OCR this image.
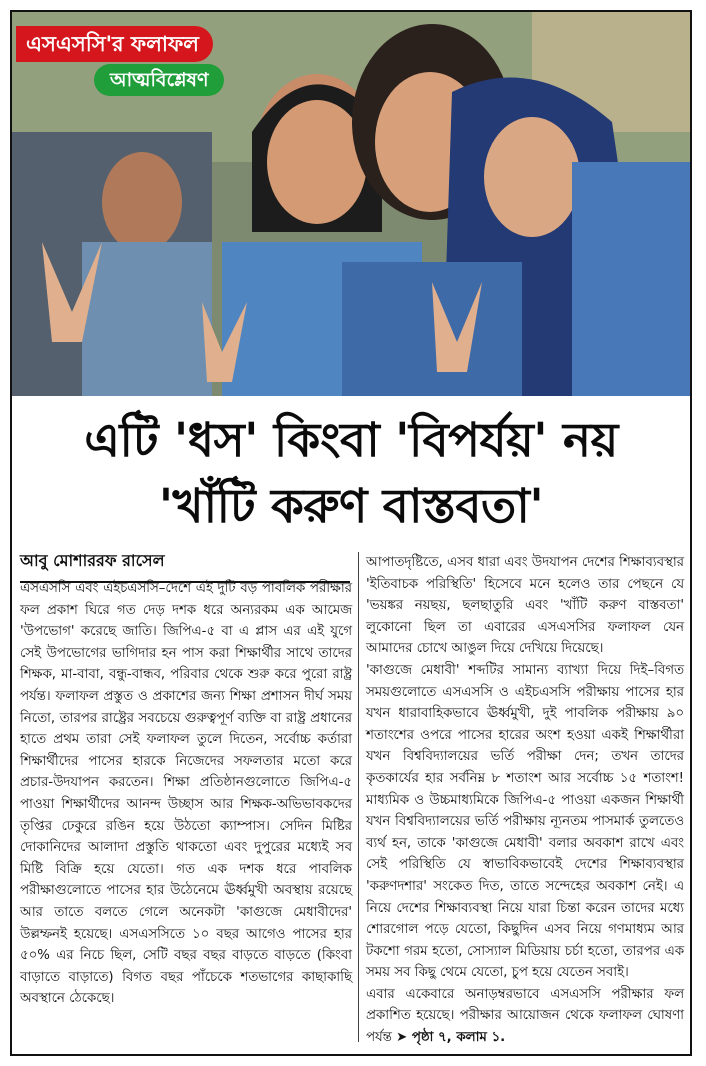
এসএসসি'র ফলাফল
আত্মবিশ্লেষণ
এটি 'ধস' কিংবা 'বিপর্যয়' নয়
'খাঁটি করুণ বাস্তবতা'
আবু মোশাররফ রাসেল

এসএসসি এবং এইচএসসি–দেশে এই দুটি বড় পাবলিক পরীক্ষার ফল প্রকাশ ঘিরে গত দেড় দশক ধরে অন্যরকম এক আমেজ 'উপভোগ' করেছে জাতি। জিপিএ-৫ বা এ প্লাস এর এই যুগে সেই উপভোগের ভাগিদার হন পাস করা শিক্ষার্থীর সাথে তাদের শিক্ষক, মা-বাবা, বন্ধু-বান্ধব, পরিবার থেকে শুরু করে পুরো রাষ্ট্র পর্যন্ত। ফলাফল প্রস্তুত ও প্রকাশের জন্য শিক্ষা প্রশাসন দীর্ঘ সময় নিতো, তারপর রাষ্ট্রের সবচেয়ে গুরুত্বপূর্ণ ব্যক্তি বা রাষ্ট্র প্রধানের হাতে প্রথম তারা সেই ফলাফল তুলে দিতেন, সর্বোচ্চ কর্তারা শিক্ষার্থীদের পাসের হারকে নিজেদের সফলতার মতো করে প্রচার-উদযাপন করতেন। শিক্ষা প্রতিষ্ঠানগুলোতে জিপিএ-৫ পাওয়া শিক্ষার্থীদের আনন্দ উচ্ছাস আর শিক্ষক-অভিভাবকদের তৃপ্তির ঢেকুরে রঙিন হয়ে উঠতো ক্যাম্পাস। সেদিন মিষ্টির দোকানিদের আলাদা প্রস্তুতি থাকতো এবং দুপুরের মধ্যেই সব মিষ্টি বিক্রি হয়ে যেতো। গত এক দশক ধরে পাবলিক পরীক্ষাগুলোতে পাসের হার উঠেনেমে ঊর্ধ্বমুখী অবস্থায় রয়েছে আর তাতে বলতে গেলে অনেকটা 'কাগুজে মেধাবীদের' উল্লম্ফনই হয়েছে। এসএসসিতে ১০ বছর আগেও পাসের হার ৫০% এর নিচে ছিল, সেটি বছর বছর বাড়তে বাড়তে (কিংবা বাড়াতে বাড়াতে) বিগত বছর পাঁচেকে শতভাগের কাছাকাছি অবস্থানে ঠেকেছে।

আপাতদৃষ্টিতে, এসব ধারা এবং উদযাপন দেশের শিক্ষাব্যবস্থার 'ইতিবাচক পরিস্থিতি' হিসেবে মনে হলেও তার পেছনে যে 'ভয়ঙ্কর নয়ছয়, ছলছাতুরি এবং 'খাঁটি করুণ বাস্তবতা' লুকোনো ছিল তা এবারের এসএসসির ফলাফল যেন আমাদের চোখে আঙুল দিয়ে দেখিয়ে দিয়েছে।

'কাগুজে মেধাবী' শব্দটির সামান্য ব্যাখ্যা দিয়ে দিই–বিগত সময়গুলোতে এসএসসি ও এইচএসসি পরীক্ষায় পাসের হার যখন ধারাবাহিকভাবে ঊর্ধ্বমুখী, দুই পাবলিক পরীক্ষায় ৯০ শতাংশের ওপরে পাসের হারের অংশ হওয়া একই শিক্ষার্থীরা যখন বিশ্ববিদ্যালয়ের ভর্তি পরীক্ষা দেন; তখন তাদের কৃতকার্যের হার সর্বনিম্ন ৮ শতাংশ আর সর্বোচ্চ ১৫ শতাংশ! মাধ্যমিক ও উচ্চমাধ্যমিকে জিপিএ-৫ পাওয়া একজন শিক্ষার্থী যখন বিশ্ববিদ্যালয়ের ভর্তি পরীক্ষায় ন্যূনতম পাসমার্ক তুলতেও ব্যর্থ হন, তাকে 'কাগুজে মেধাবী' বলার অবকাশ রাখে এবং সেই পরিস্থিতি যে স্বাভাবিকভাবেই দেশের শিক্ষাব্যবস্থার 'করুণদশার' সংকেত দিত, তাতে সন্দেহের অবকাশ নেই। এ নিয়ে দেশের শিক্ষাব্যবস্থা নিয়ে যারা চিন্তা করেন তাদের মধ্যে শোরগোল পড়ে যেতো, কিছুদিন এসব নিয়ে গণমাধ্যম আর টকশো গরম হতো, সোস্যাল মিডিয়ায় চর্চা হতো, তারপর এক সময় সব কিছু থেমে যেতো, চুপ হয়ে যেতেন সবাই।

এবার একেবারে অনাড়ম্বরভাবে এসএসসি পরীক্ষার ফল প্রকাশিত হয়েছে। পরীক্ষার আয়োজন থেকে ফলাফল ঘোষণা পর্যন্ত ➤ পৃষ্ঠা ৭, কলাম ১.
